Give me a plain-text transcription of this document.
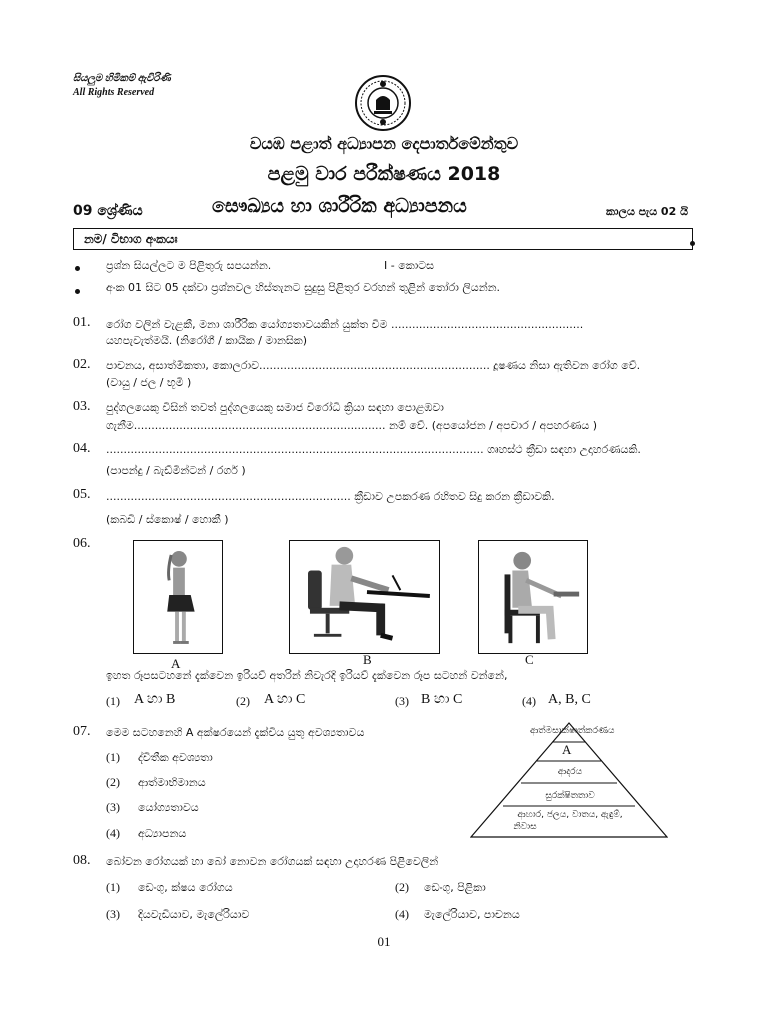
සියලුම හිමිකම් ඇවිරිණි
All Rights Reserved
වයඹ පළාත් අධ්‍යාපන දෙපාර්තමේන්තුව
පළමු වාර පරීක්ෂණය 2018
09 ශ්‍රේණිය	සෞඛ්‍යය හා ශාරීරික අධ්‍යාපනය	කාලය පැය 02 යි
නම/ විභාග අංකයඃ
ප්‍රශ්න සියල්ලට ම පිළිතුරු සපයන්න.	I - කොටස
අංක 01 සිට 05 දක්වා ප්‍රශ්නවල හිස්තැනට සුදුසු පිළිතුර වරහන් තුළින් තෝරා ලියන්න.
01. රෝග වලින් වැළකී, මනා ශාරීරික යෝග්‍යතාවයකින් යුක්ත වීම .......................................................
යහපැවැත්මයි. (නිරෝගී / කායික / මානසික)
02. පාචනය, අසාත්මිකතා, කොලරාව.................................................................. දූෂණය නිසා ඇතිවන රෝග වේ.
(වායු / ජල / භූමි )
03. පුද්ගලයෙකු විසින් තවත් පුද්ගලයෙකු සමාජ විරෝධී ක්‍රියා සඳහා පොළඹවා
ගැනීම........................................................................ නම් වේ. (අපයෝජන / අපචාර / අපහරණය )
04. ............................................................................................................ ගෘහස්ථ ක්‍රීඩා සඳහා උදාහරණයකි.
(පාපන්දු / බැඩ්මින්ටන් / රගර් )
05. ...................................................................... ක්‍රීඩාව උපකරණ රහිතව සිදු කරන ක්‍රීඩාවකි.
(කබඩි / ස්කොෂ් / හොකී )
06.
A	B	C
ඉහත රූපසටහනේ දැක්වෙන ඉරියව් අතරින් නිවැරදි ඉරියව් දැක්වෙන රූප සටහන් වන්නේ,
(1) A හා B	(2) A හා C	(3) B හා C	(4) A, B, C
07. මෙම සටහනෙහි A අක්ෂරයෙන් දැක්විය යුතු අවශ්‍යතාවය
(1) ද්විතීක අවශ්‍යතා
(2) ආත්මාභිමානය
(3) යෝග්‍යතාවය
(4) අධ්‍යාපනය
ආත්මසාක්ෂාත්කරණය
A
ආදරය
සුරක්ෂිතතාව
ආහාර, ජලය, වාතය, ඇඳුම්,
නිවාස
08. බෝවන රෝගයක් හා බෝ නොවන රෝගයක් සඳහා උදාහරණ පිළිවෙලින්
(1) ඩෙංගු, ක්ෂය රෝගය	(2) ඩෙංගු, පිළිකා
(3) දියවැඩියාව, මැලේරියාව	(4) මැලේරියාව, පාචනය
01
